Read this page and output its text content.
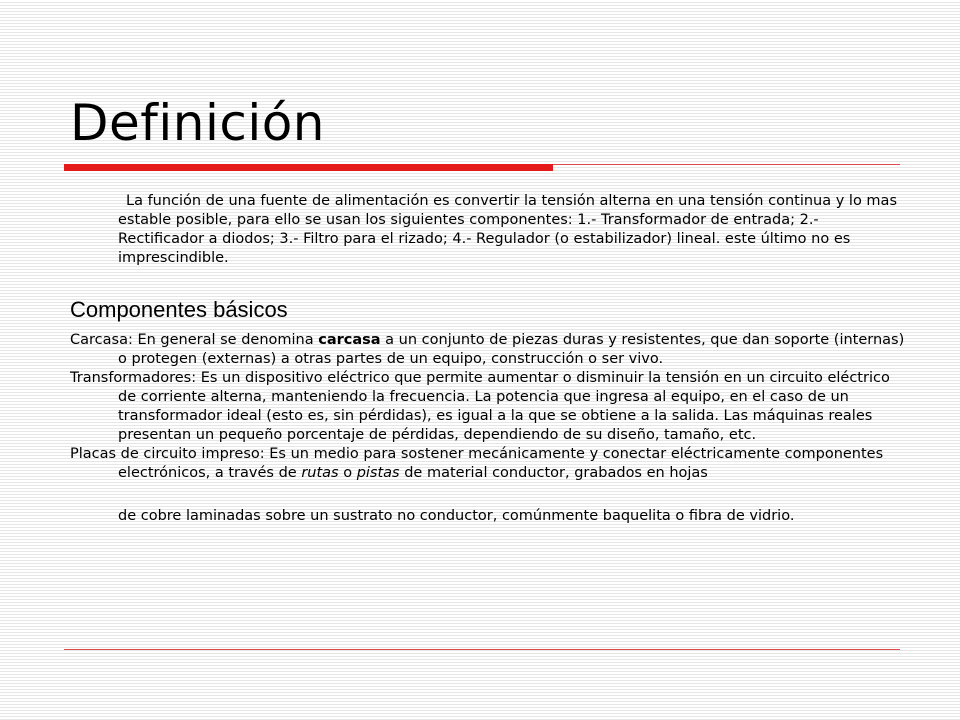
Definición

La función de una fuente de alimentación es convertir la tensión alterna en una tensión continua y lo mas estable posible, para ello se usan los siguientes componentes: 1.- Transformador de entrada; 2.- Rectificador a diodos; 3.- Filtro para el rizado; 4.- Regulador (o estabilizador) lineal. este último no es imprescindible.

Componentes básicos

Carcasa: En general se denomina carcasa a un conjunto de piezas duras y resistentes, que dan soporte (internas) o protegen (externas) a otras partes de un equipo, construcción o ser vivo.

Transformadores: Es un dispositivo eléctrico que permite aumentar o disminuir la tensión en un circuito eléctrico de corriente alterna, manteniendo la frecuencia. La potencia que ingresa al equipo, en el caso de un transformador ideal (esto es, sin pérdidas), es igual a la que se obtiene a la salida. Las máquinas reales presentan un pequeño porcentaje de pérdidas, dependiendo de su diseño, tamaño, etc.

Placas de circuito impreso: Es un medio para sostener mecánicamente y conectar eléctricamente componentes electrónicos, a través de rutas o pistas de material conductor, grabados en hojas

de cobre laminadas sobre un sustrato no conductor, comúnmente baquelita o fibra de vidrio.
